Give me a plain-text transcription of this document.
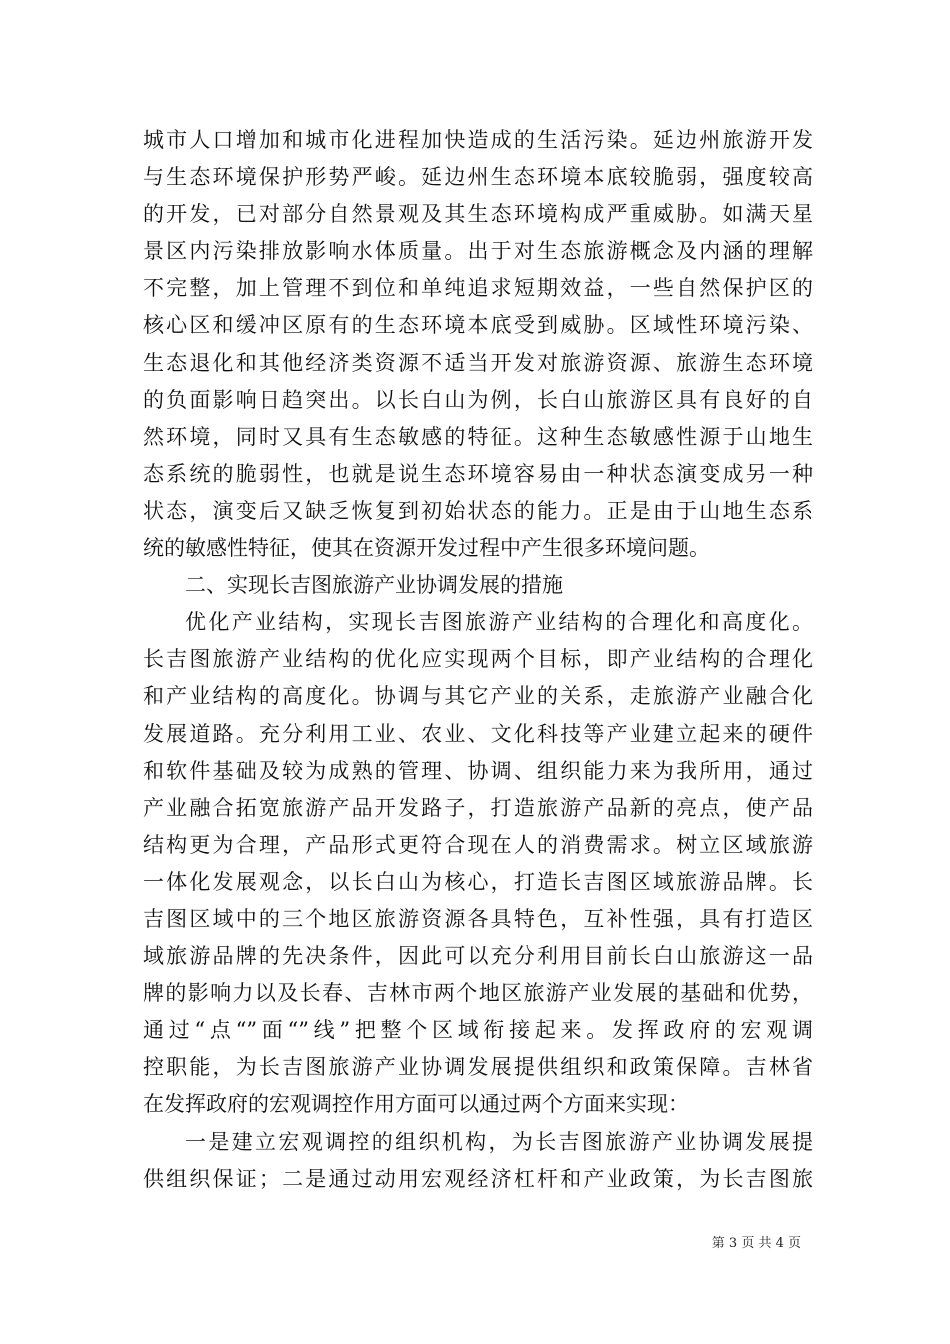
城市人口增加和城市化进程加快造成的生活污染。延边州旅游开发
与生态环境保护形势严峻。延边州生态环境本底较脆弱，强度较高
的开发，已对部分自然景观及其生态环境构成严重威胁。如满天星
景区内污染排放影响水体质量。出于对生态旅游概念及内涵的理解
不完整，加上管理不到位和单纯追求短期效益，一些自然保护区的
核心区和缓冲区原有的生态环境本底受到威胁。区域性环境污染、
生态退化和其他经济类资源不适当开发对旅游资源、旅游生态环境
的负面影响日趋突出。以长白山为例，长白山旅游区具有良好的自
然环境，同时又具有生态敏感的特征。这种生态敏感性源于山地生
态系统的脆弱性，也就是说生态环境容易由一种状态演变成另一种
状态，演变后又缺乏恢复到初始状态的能力。正是由于山地生态系
统的敏感性特征，使其在资源开发过程中产生很多环境问题。
二、实现长吉图旅游产业协调发展的措施
优化产业结构，实现长吉图旅游产业结构的合理化和高度化。
长吉图旅游产业结构的优化应实现两个目标，即产业结构的合理化
和产业结构的高度化。协调与其它产业的关系，走旅游产业融合化
发展道路。充分利用工业、农业、文化科技等产业建立起来的硬件
和软件基础及较为成熟的管理、协调、组织能力来为我所用，通过
产业融合拓宽旅游产品开发路子，打造旅游产品新的亮点，使产品
结构更为合理，产品形式更符合现在人的消费需求。树立区域旅游
一体化发展观念，以长白山为核心，打造长吉图区域旅游品牌。长
吉图区域中的三个地区旅游资源各具特色，互补性强，具有打造区
域旅游品牌的先决条件，因此可以充分利用目前长白山旅游这一品
牌的影响力以及长春、吉林市两个地区旅游产业发展的基础和优势，
通过“点“”面“”线”把整个区域衔接起来。发挥政府的宏观调
控职能，为长吉图旅游产业协调发展提供组织和政策保障。吉林省
在发挥政府的宏观调控作用方面可以通过两个方面来实现：
一是建立宏观调控的组织机构，为长吉图旅游产业协调发展提
供组织保证；二是通过动用宏观经济杠杆和产业政策，为长吉图旅
第 3 页 共 4 页
